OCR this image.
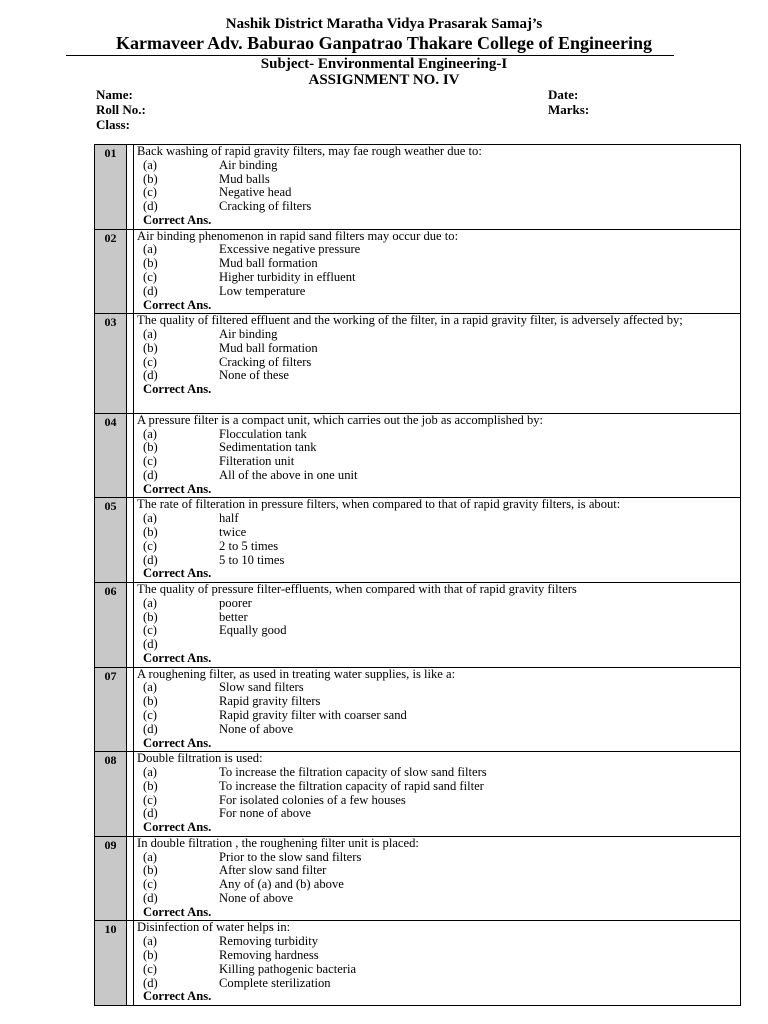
Nashik District Maratha Vidya Prasarak Samaj’s
Karmaveer Adv. Baburao Ganpatrao Thakare College of Engineering
Subject- Environmental Engineering-I
ASSIGNMENT NO. IV
Name:
Roll No.:
Class:
Date:
Marks:
01	Back washing of rapid gravity filters, may fae rough weather due to:
(a)	Air binding
(b)	Mud balls
(c)	Negative head
(d)	Cracking of filters
Correct Ans.
02	Air binding phenomenon in rapid sand filters may occur due to:
(a)	Excessive negative pressure
(b)	Mud ball formation
(c)	Higher turbidity in effluent
(d)	Low temperature
Correct Ans.
03	The quality of filtered effluent and the working of the filter, in a rapid gravity filter, is adversely affected by;
(a)	Air binding
(b)	Mud ball formation
(c)	Cracking of filters
(d)	None of these
Correct Ans.
04	A pressure filter is a compact unit, which carries out the job as accomplished by:
(a)	Flocculation tank
(b)	Sedimentation tank
(c)	Filteration unit
(d)	All of the above in one unit
Correct Ans.
05	The rate of filteration in pressure filters, when compared to that of rapid gravity filters, is about:
(a)	half
(b)	twice
(c)	2 to 5 times
(d)	5 to 10 times
Correct Ans.
06	The quality of pressure filter-effluents, when compared with that of rapid gravity filters
(a)	poorer
(b)	better
(c)	Equally good
(d)
Correct Ans.
07	A roughening filter, as used in treating water supplies, is like a:
(a)	Slow sand filters
(b)	Rapid gravity filters
(c)	Rapid gravity filter with coarser sand
(d)	None of above
Correct Ans.
08	Double filtration is used:
(a)	To increase the filtration capacity of slow sand filters
(b)	To increase the filtration capacity of rapid sand filter
(c)	For isolated colonies of a few houses
(d)	For none of above
Correct Ans.
09	In double filtration , the roughening filter unit is placed:
(a)	Prior to the slow sand filters
(b)	After slow sand filter
(c)	Any of (a) and (b) above
(d)	None of above
Correct Ans.
10	Disinfection of water helps in:
(a)	Removing turbidity
(b)	Removing hardness
(c)	Killing pathogenic bacteria
(d)	Complete sterilization
Correct Ans.
